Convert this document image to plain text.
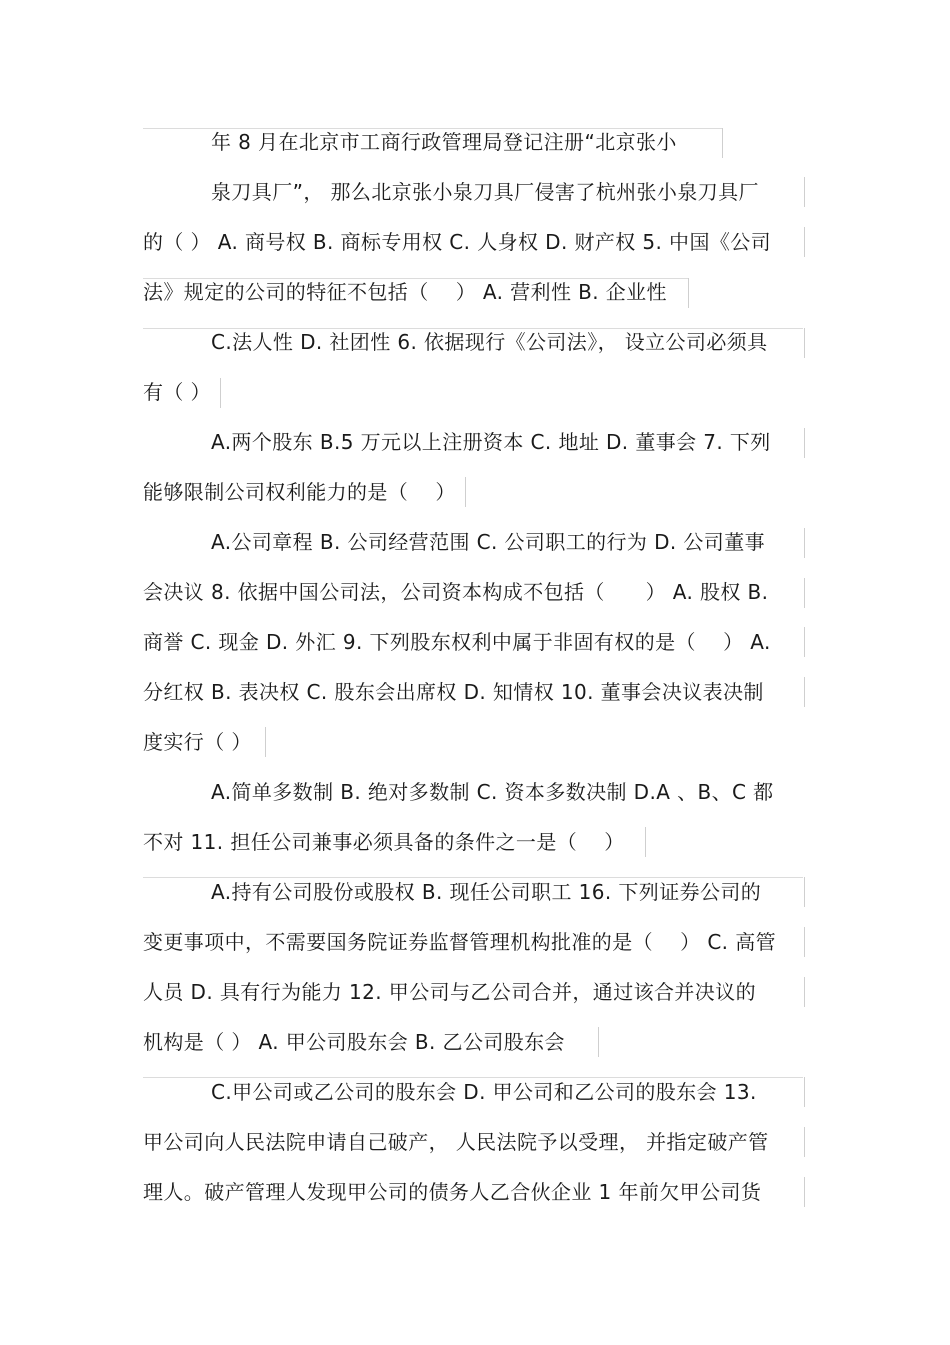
年 8 月在北京市工商行政管理局登记注册“北京张小
泉刀具厂”， 那么北京张小泉刀具厂侵害了杭州张小泉刀具厂
的（ ） A. 商号权 B. 商标专用权 C. 人身权 D. 财产权 5. 中国《公司
法》规定的公司的特征不包括（　 ） A. 营利性 B. 企业性
C.法人性 D. 社团性 6. 依据现行《公司法》， 设立公司必须具
有（ ）
A.两个股东 B.5 万元以上注册资本 C. 地址 D. 董事会 7. 下列
能够限制公司权利能力的是（　 ）
A.公司章程 B. 公司经营范围 C. 公司职工的行为 D. 公司董事
会决议 8. 依据中国公司法，公司资本构成不包括（　　） A. 股权 B.
商誉 C. 现金 D. 外汇 9. 下列股东权利中属于非固有权的是（　 ） A.
分红权 B. 表决权 C. 股东会出席权 D. 知情权 10. 董事会决议表决制
度实行（ ）
A.简单多数制 B. 绝对多数制 C. 资本多数决制 D.A 、B、C 都
不对 11. 担任公司兼事必须具备的条件之一是（　 ）
A.持有公司股份或股权 B. 现任公司职工 16. 下列证券公司的
变更事项中，不需要国务院证券监督管理机构批准的是（　 ） C. 高管
人员 D. 具有行为能力 12. 甲公司与乙公司合并，通过该合并决议的
机构是（ ） A. 甲公司股东会 B. 乙公司股东会
C.甲公司或乙公司的股东会 D. 甲公司和乙公司的股东会 13.
甲公司向人民法院申请自己破产， 人民法院予以受理， 并指定破产管
理人。破产管理人发现甲公司的债务人乙合伙企业 1 年前欠甲公司货
